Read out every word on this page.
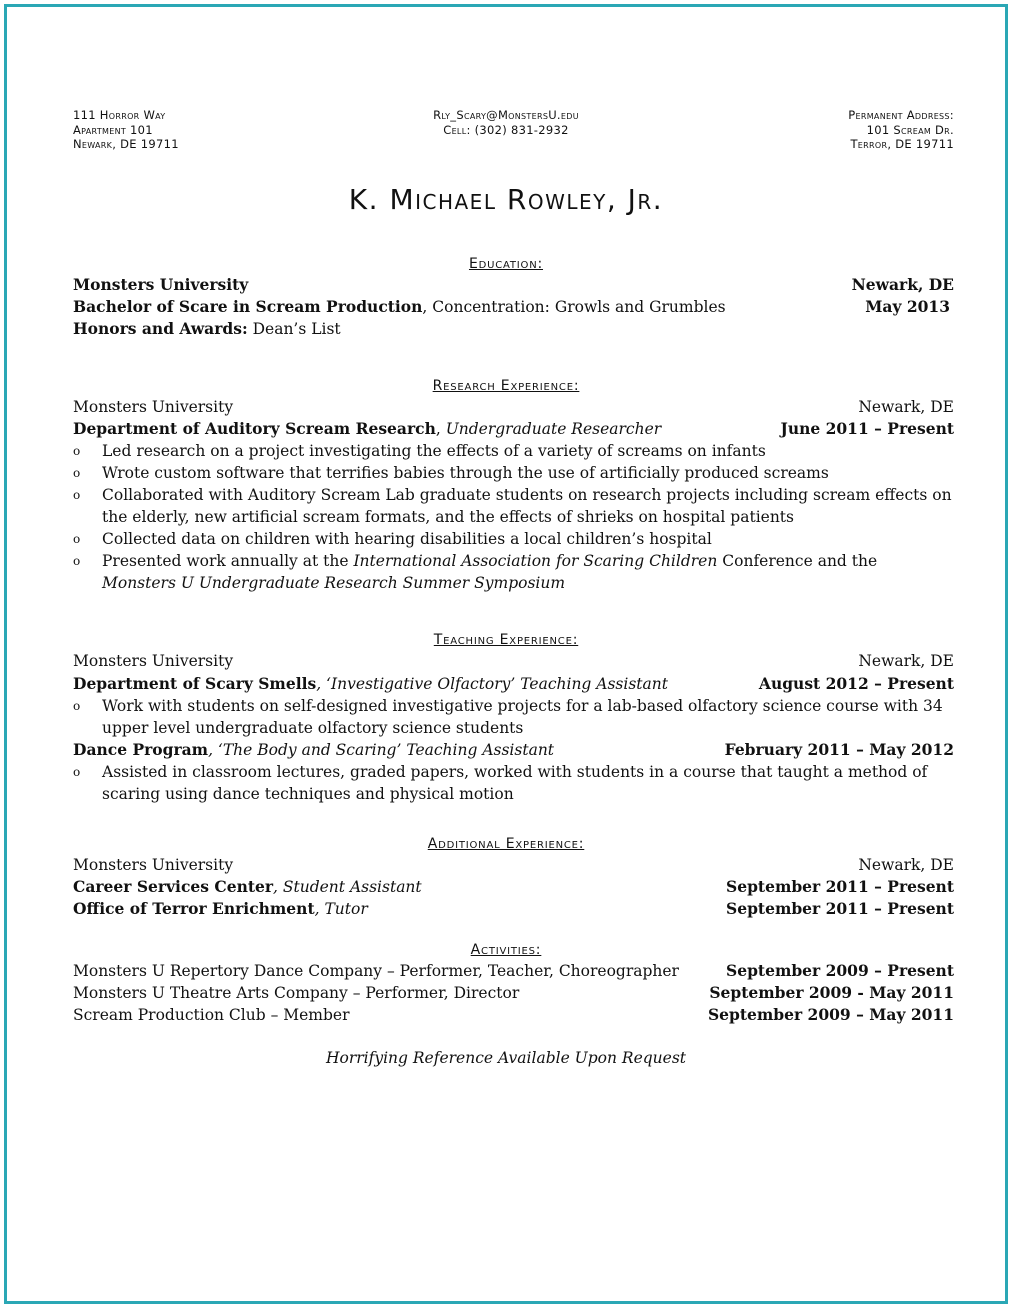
111 Horror Way
Apartment 101
Newark, DE 19711
Rly_Scary@MonstersU.edu
Cell: (302) 831-2932
Permanent Address:
101 Scream Dr.
Terror, DE 19711
K. Michael Rowley, Jr.
Education:
Monsters University	Newark, DE
Bachelor of Scare in Scream Production, Concentration: Growls and Grumbles	May 2013
Honors and Awards: Dean’s List
Research Experience:
Monsters University	Newark, DE
Department of Auditory Scream Research, Undergraduate Researcher	June 2011 – Present
o Led research on a project investigating the effects of a variety of screams on infants
o Wrote custom software that terrifies babies through the use of artificially produced screams
o Collaborated with Auditory Scream Lab graduate students on research projects including scream effects on the elderly, new artificial scream formats, and the effects of shrieks on hospital patients
o Collected data on children with hearing disabilities a local children’s hospital
o Presented work annually at the International Association for Scaring Children Conference and the Monsters U Undergraduate Research Summer Symposium
Teaching Experience:
Monsters University	Newark, DE
Department of Scary Smells, ‘Investigative Olfactory’ Teaching Assistant	August 2012 – Present
o Work with students on self-designed investigative projects for a lab-based olfactory science course with 34 upper level undergraduate olfactory science students
Dance Program, ‘The Body and Scaring’ Teaching Assistant	February 2011 – May 2012
o Assisted in classroom lectures, graded papers, worked with students in a course that taught a method of scaring using dance techniques and physical motion
Additional Experience:
Monsters University	Newark, DE
Career Services Center, Student Assistant	September 2011 – Present
Office of Terror Enrichment, Tutor	September 2011 – Present
Activities:
Monsters U Repertory Dance Company – Performer, Teacher, Choreographer	September 2009 – Present
Monsters U Theatre Arts Company – Performer, Director	September 2009 - May 2011
Scream Production Club – Member	September 2009 – May 2011
Horrifying Reference Available Upon Request
